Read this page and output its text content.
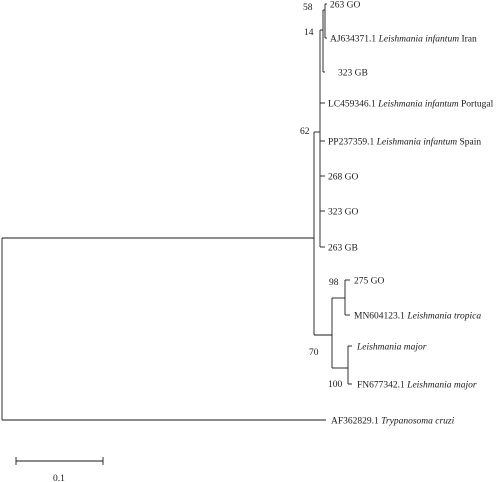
263 GO
AJ634371.1 Leishmania infantum Iran
323 GB
LC459346.1 Leishmania infantum Portugal
PP237359.1 Leishmania infantum Spain
268 GO
323 GO
263 GB
275 GO
MN604123.1 Leishmania tropica
Leishmania major
FN677342.1 Leishmania major
AF362829.1 Trypanosoma cruzi
58
14
62
98
70
100
0.1
